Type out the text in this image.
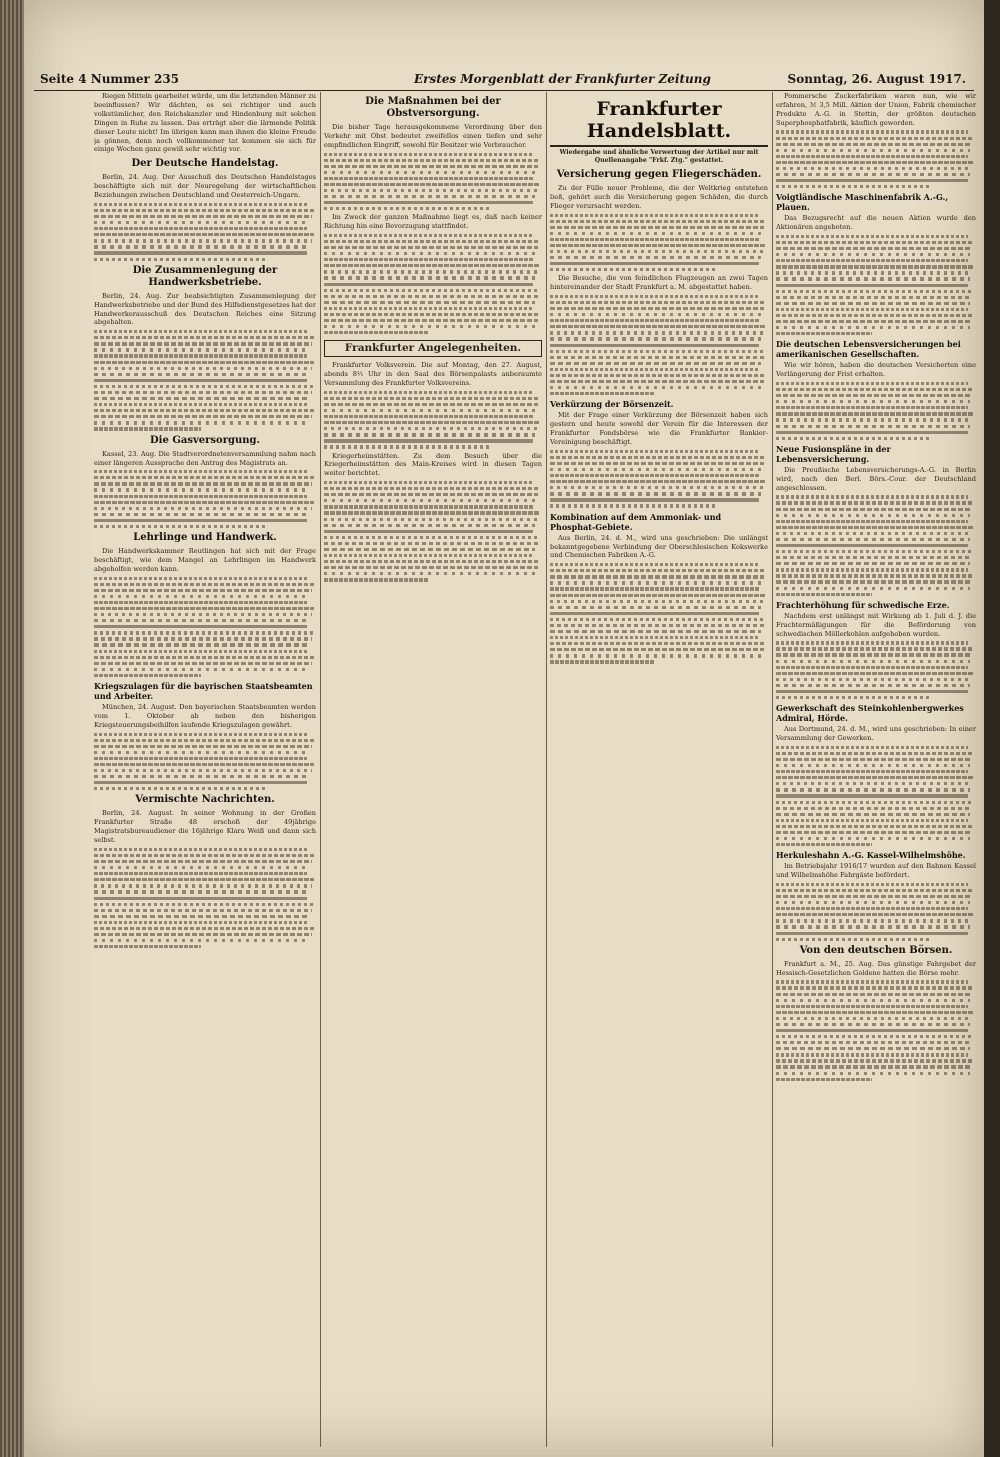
Seite 4 Nummer 235	Erstes Morgenblatt der Frankfurter Zeitung	Sonntag, 26. August 1917.

Riegen Mitteln gearbeitet würde, um die letztenden Männer zu beeinflussen? Wir dächten, es sei richtiger und auch volkstümlicher, den Reichskanzler und Hindenburg mit solchen Dingen in Ruhe zu lassen. Das erträgt aber die lärmende Politik dieser Leute nicht! Im übrigen kann man ihnen die kleine Freude ja gönnen, denn noch vollkommener tat kommen sie sich für einige Wochen ganz gewiß sehr wichtig vor.

Der Deutsche Handelstag.

Berlin, 24. Aug. Der Ausschuß des Deutschen Handelstages beschäftigte sich mit der Neuregelung der wirtschaftlichen Beziehungen zwischen Deutschland und Oesterreich-Ungarn.

Die Zusammenlegung der Handwerksbetriebe.

Berlin, 24. Aug. Zur beabsichtigten Zusammenlegung der Handwerksbetriebe und der Bund des Hilfsdienstgesetzes hat der Handwerkerausschuß des Deutschen Reiches eine Sitzung abgehalten.

Die Gasversorgung.

Kassel, 23. Aug. Die Stadtverordnetenversammlung nahm nach einer längeren Aussprache den Antrag des Magistrats an.

Lehrlinge und Handwerk.

Die Handwerkskammer Reutlingen hat sich mit der Frage beschäftigt, wie dem Mangel an Lehrlingen im Handwerk abgeholfen werden kann.

Kriegszulagen für die bayrischen Staatsbeamten und Arbeiter.

München, 24. August. Den bayerischen Staatsbeamten werden vom 1. Oktober ab neben den bisherigen Kriegsteuerungsbeihilfen laufende Kriegszulagen gewährt.

Vermischte Nachrichten.

Berlin, 24. August. In seiner Wohnung in der Großen Frankfurter Straße 48 erschoß der 49jährige Magistratsbureaudiener die 16jährige Klara Weiß und dann sich selbst.

Die Maßnahmen bei der Obstversorgung.

Die bisher Tage herausgekommene Verordnung über den Verkehr mit Obst bedeutet zweifellos einen tiefen und sehr empfindlichen Eingriff, sowohl für Besitzer wie Verbraucher.

Im Zweck der ganzen Maßnahme liegt es, daß nach keiner Richtung hin eine Bevorzugung stattfindet.

Frankfurter Angelegenheiten.

Frankfurter Volksverein. Die auf Montag, den 27. August, abends 8½ Uhr in den Saal des Börsenpalasts anberaumte Versammlung des Frankfurter Volksvereins.

Kriegerheimstätten. Zu dem Besuch über die Kriegerheimstätten des Main-Kreises wird in diesen Tagen weiter berichtet.

Frankfurter Handelsblatt.
Wiedergabe und ähnliche Verwertung der Artikel nur mit Quellenangabe "Frkf. Ztg." gestattet.
Versicherung gegen Fliegerschäden.

Zu der Fülle neuer Probleme, die der Weltkrieg entstehen ließ, gehört auch die Versicherung gegen Schäden, die durch Flieger verursacht werden.

Die Besuche, die von feindlichen Flugzeugen an zwei Tagen hintereinander der Stadt Frankfurt a. M. abgestattet haben.

Verkürzung der Börsenzeit.

Mit der Frage einer Verkürzung der Börsenzeit haben sich gestern und heute sowohl der Verein für die Interessen der Frankfurter Fondsbörse wie die Frankfurter Bankier-Vereinigung beschäftigt.

Kombination auf dem Ammoniak- und Phosphat-Gebiete.

Aus Berlin, 24. d. M., wird uns geschrieben: Die unlängst bekanntgegebene Verbindung der Oberschlesischen Kokswerke und Chemischen Fabriken A.-G.

Pommersche Zuckerfabriken waren nun, wie wir erfahren, ℳ 3,5 Mill. Aktien der Union, Fabrik chemischer Produkte A.-G. in Stettin, der größten deutschen Superphosphatfabrik, käuflich geworden.

Voigtländische Maschinenfabrik A.-G., Plauen.

Das Bezugsrecht auf die neuen Aktien wurde den Aktionären angeboten.

Die deutschen Lebensversicherungen bei amerikanischen Gesellschaften.

Wie wir hören, haben die deutschen Versicherten eine Verlängerung der Frist erhalten.

Neue Fusionspläne in der Lebensversicherung.

Die Preußische Lebensversicherungs-A.-G. in Berlin wird, nach den Berl. Börs.-Cour. der Deutschland angeschlossen.

Frachterhöhung für schwedische Erze.

Nachdem erst unlängst mit Wirkung ab 1. Juli d. J. die Frachtermäßigungen für die Beförderung von schwedischen Möllerkohlen aufgehoben wurden.

Gewerkschaft des Steinkohlenbergwerkes Admiral, Hörde.

Aus Dortmund, 24. d. M., wird uns geschrieben: In einer Versammlung der Gewerken.

Herkuleshahn A.-G. Kassel-Wilhelmshöhe.

Im Betriebsjahr 1916/17 wurden auf den Bahnen Kassel und Wilhelmshöhe Fahrgäste befördert.

Von den deutschen Börsen.

Frankfurt a. M., 25. Aug. Das günstige Fahrgebet der Hessisch-Gesetzlichen Goldene hatten die Börse mehr.
